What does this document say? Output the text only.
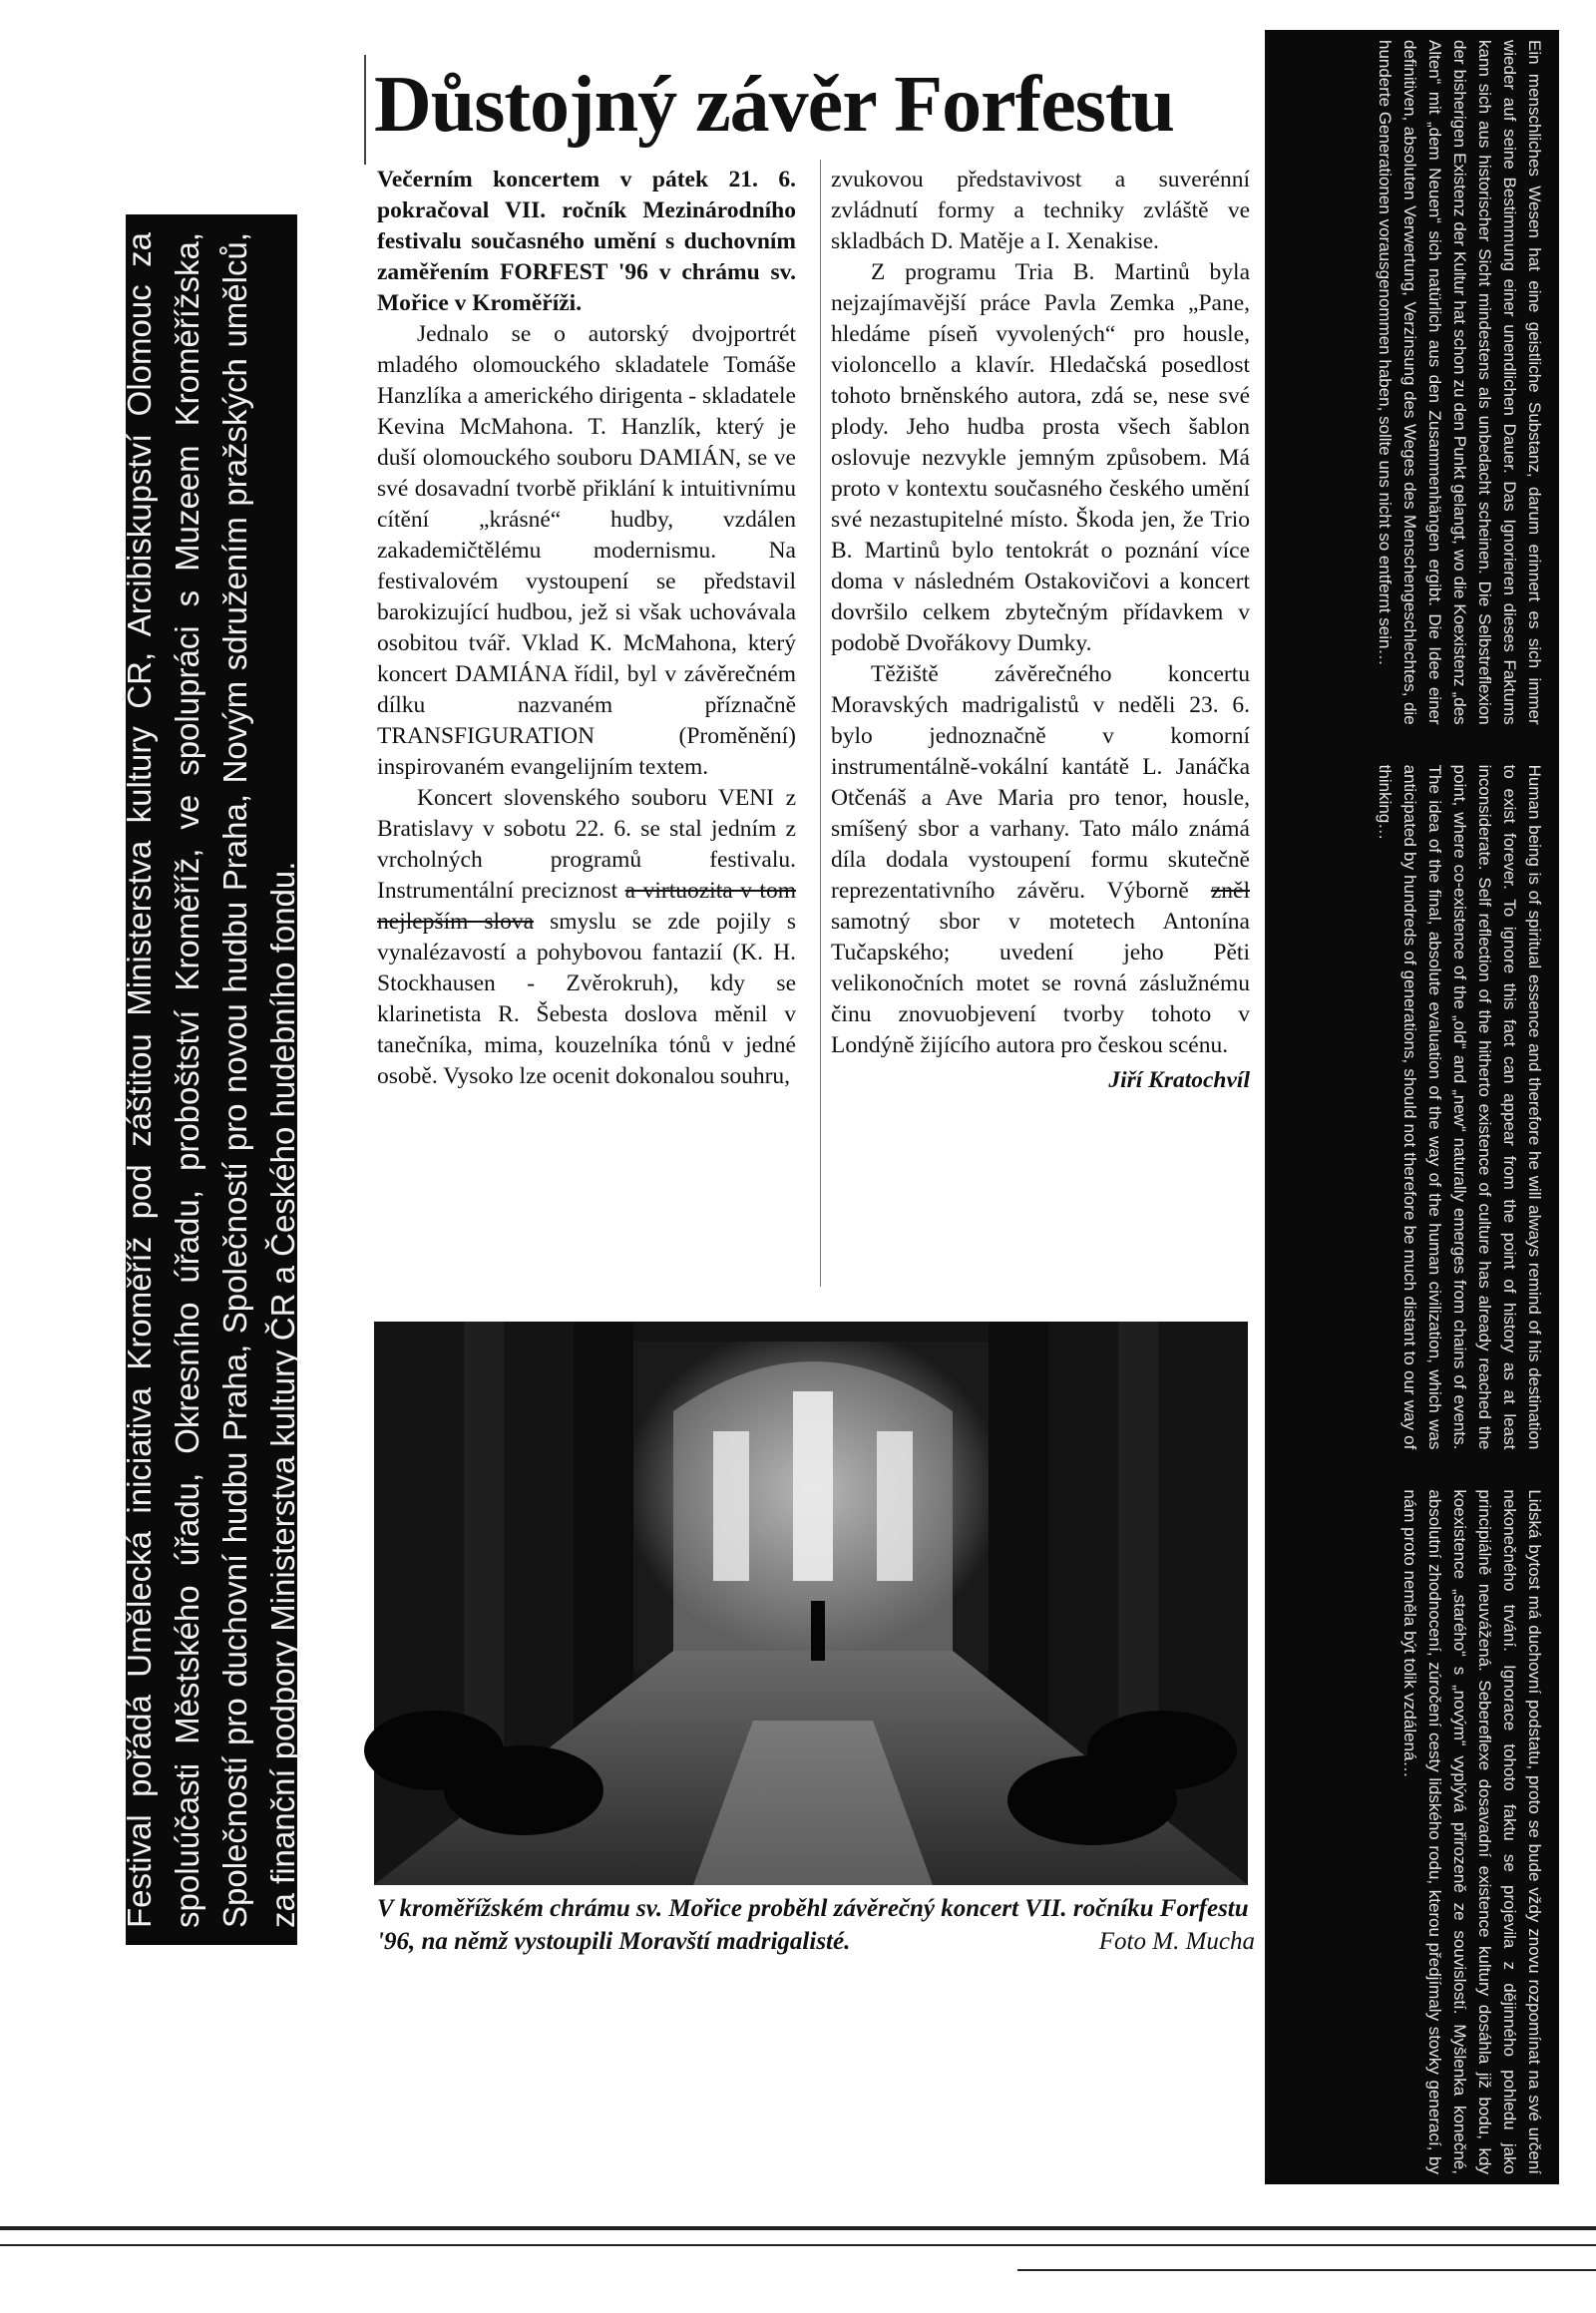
Festival pořádá Umělecká iniciativa Kroměříž pod záštitou Ministerstva kultury ČR, Arcibiskupství Olomouc za spoluúčasti Městského úřadu, Okresního úřadu, proboštství Kroměříž, ve spolupráci s Muzeem Kroměřížska, Společností pro duchovní hudbu Praha, Společností pro novou hudbu Praha, Novým sdružením pražských umělců, za finanční podpory Ministerstva kultury ČR a Českého hudebního fondu.	Lidská bytost má duchovní podstatu, proto se bude vždy znovu rozpomínat na své určení nekonečného trvání. Ignorace tohoto faktu se projevila z dějinného pohledu jako principiálně neuvážená. Sebereflexe dosavadní existence kultury dosáhla již bodu, kdy koexistence „starého“ s „novým“ vyplývá přirozeně ze souvislostí. Myšlenka konečné, absolutní zhodnocení, zúročení cesty lidského rodu, kterou předjímaly stovky generací, by nám proto neměla být tolik vzdálená…

Human being is of spiritual essence and therefore he will always remind of his destination to exist forever. To ignore this fact can appear from the point of history as at least inconsiderate. Self reflection of the hitherto existence of culture has already reached the point, where co-existence of the „old“ and „new“ naturally emerges from chains of events. The idea of the final, absolute evaluation of the way of the human civilization, which was anticipated by hundreds of generations, should not therefore be much distant to our way of thinking…

Ein menschliches Wesen hat eine geistliche Substanz, darum erinnert es sich immer wieder auf seine Bestimmung einer unendlichen Dauer. Das Ignorieren dieses Faktums kann sich aus historischer Sicht mindestens als unbedacht scheinen. Die Selbstreflexion der bisherigen Existenz der Kultur hat schon zu den Punkt gelangt, wo die Koexistenz „des Alten“ mit „dem Neuen“ sich natürlich aus den Zusammenhängen ergibt. Die Idee einer definitiven, absoluten Verwertung, Verzinsung des Weges des Menschengeschlechtes, die hunderte Generationen vorausgenommen haben, sollte uns nicht so entfernt sein…

Důstojný závěr Forfestu

Večerním koncertem v pátek 21. 6. pokračoval VII. ročník Mezinárodního festivalu současného umění s duchovním zaměřením FORFEST '96 v chrámu sv. Mořice v Kroměříži.

Jednalo se o autorský dvojportrét mladého olomouckého skladatele Tomáše Hanzlíka a amerického dirigenta - skladatele Kevina McMahona. T. Hanzlík, který je duší olomouckého souboru DAMIÁN, se ve své dosavadní tvorbě přiklání k intuitivnímu cítění „krásné“ hudby, vzdálen zakademičtělému modernismu. Na festivalovém vystoupení se představil barokizující hudbou, jež si však uchovávala osobitou tvář. Vklad K. McMahona, který koncert DAMIÁNA řídil, byl v závěrečném dílku nazvaném příznačně TRANSFIGURATION (Proměnění) inspirovaném evangelijním textem.

Koncert slovenského souboru VENI z Bratislavy v sobotu 22. 6. se stal jedním z vrcholných programů festivalu. Instrumentální preciznost a virtuozita v tom nejlepším slova smyslu se zde pojily s vynalézavostí a pohybovou fantazií (K. H. Stockhausen - Zvěrokruh), kdy se klarinetista R. Šebesta doslova měnil v tanečníka, mima, kouzelníka tónů v jedné osobě. Vysoko lze ocenit dokonalou souhru,

zvukovou představivost a suverénní zvládnutí formy a techniky zvláště ve skladbách D. Matěje a I. Xenakise.

Z programu Tria B. Martinů byla nejzajímavější práce Pavla Zemka „Pane, hledáme píseň vyvolených“ pro housle, violoncello a klavír. Hledačská posedlost tohoto brněnského autora, zdá se, nese své plody. Jeho hudba prosta všech šablon oslovuje nezvykle jemným způsobem. Má proto v kontextu současného českého umění své nezastupitelné místo. Škoda jen, že Trio B. Martinů bylo tentokrát o poznání více doma v následném Ostakovičovi a koncert dovršilo celkem zbytečným přídavkem v podobě Dvořákovy Dumky.

Těžiště závěrečného koncertu Moravských madrigalistů v neděli 23. 6. bylo jednoznačně v komorní instrumentálně-vokální kantátě L. Janáčka Otčenáš a Ave Maria pro tenor, housle, smíšený sbor a varhany. Tato málo známá díla dodala vystoupení formu skutečně reprezentativního závěru. Výborně zněl samotný sbor v motetech Antonína Tučapského; uvedení jeho Pěti velikonočních motet se rovná záslužnému činu znovuobjevení tvorby tohoto v Londýně žijícího autora pro českou scénu.

Jiří Kratochvíl

V kroměřížském chrámu sv. Mořice proběhl závěrečný koncert VII. ročníku Forfestu '96, na němž vystoupili Moravští madrigalisté.	Foto M. Mucha
